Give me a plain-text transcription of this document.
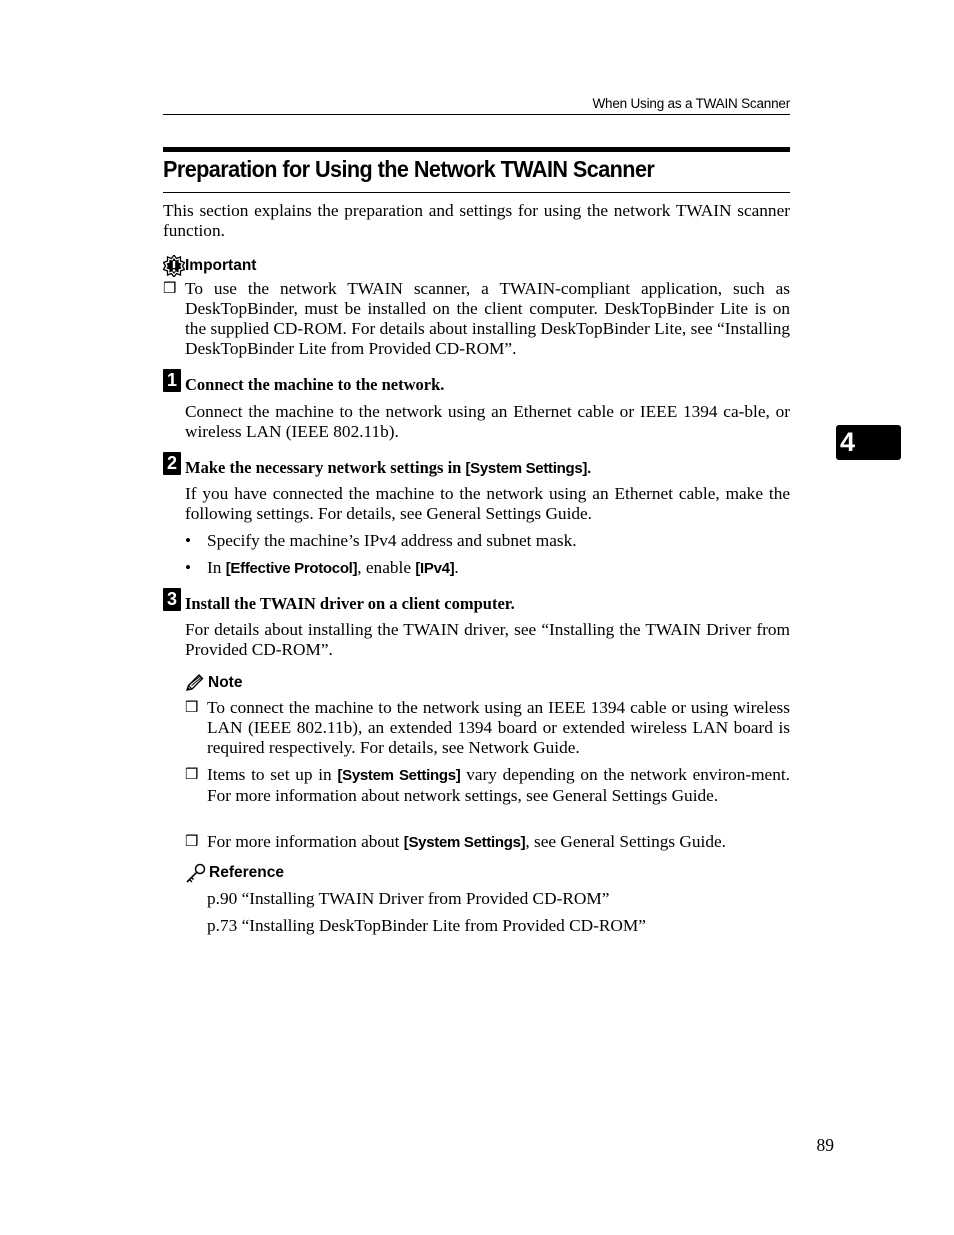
When Using as a TWAIN Scanner
Preparation for Using the Network TWAIN Scanner
This section explains the preparation and settings for using the network TWAIN scanner function.
Important
❒ To use the network TWAIN scanner, a TWAIN-compliant application, such as DeskTopBinder, must be installed on the client computer. DeskTopBinder Lite is on the supplied CD-ROM. For details about installing DeskTopBinder Lite, see “Installing DeskTopBinder Lite from Provided CD-ROM”.
1 Connect the machine to the network.
Connect the machine to the network using an Ethernet cable or IEEE 1394 ca-ble, or wireless LAN (IEEE 802.11b).
2 Make the necessary network settings in [System Settings].
If you have connected the machine to the network using an Ethernet cable, make the following settings. For details, see General Settings Guide.
• Specify the machine’s IPv4 address and subnet mask.
• In [Effective Protocol], enable [IPv4].
3 Install the TWAIN driver on a client computer.
For details about installing the TWAIN driver, see “Installing the TWAIN Driver from Provided CD-ROM”.
Note
❒ To connect the machine to the network using an IEEE 1394 cable or using wireless LAN (IEEE 802.11b), an extended 1394 board or extended wireless LAN board is required respectively. For details, see Network Guide.
❒ Items to set up in [System Settings] vary depending on the network environ-ment. For more information about network settings, see General Settings Guide.
❒ For more information about [System Settings], see General Settings Guide.
Reference
p.90 “Installing TWAIN Driver from Provided CD-ROM”
p.73 “Installing DeskTopBinder Lite from Provided CD-ROM”
4
89
